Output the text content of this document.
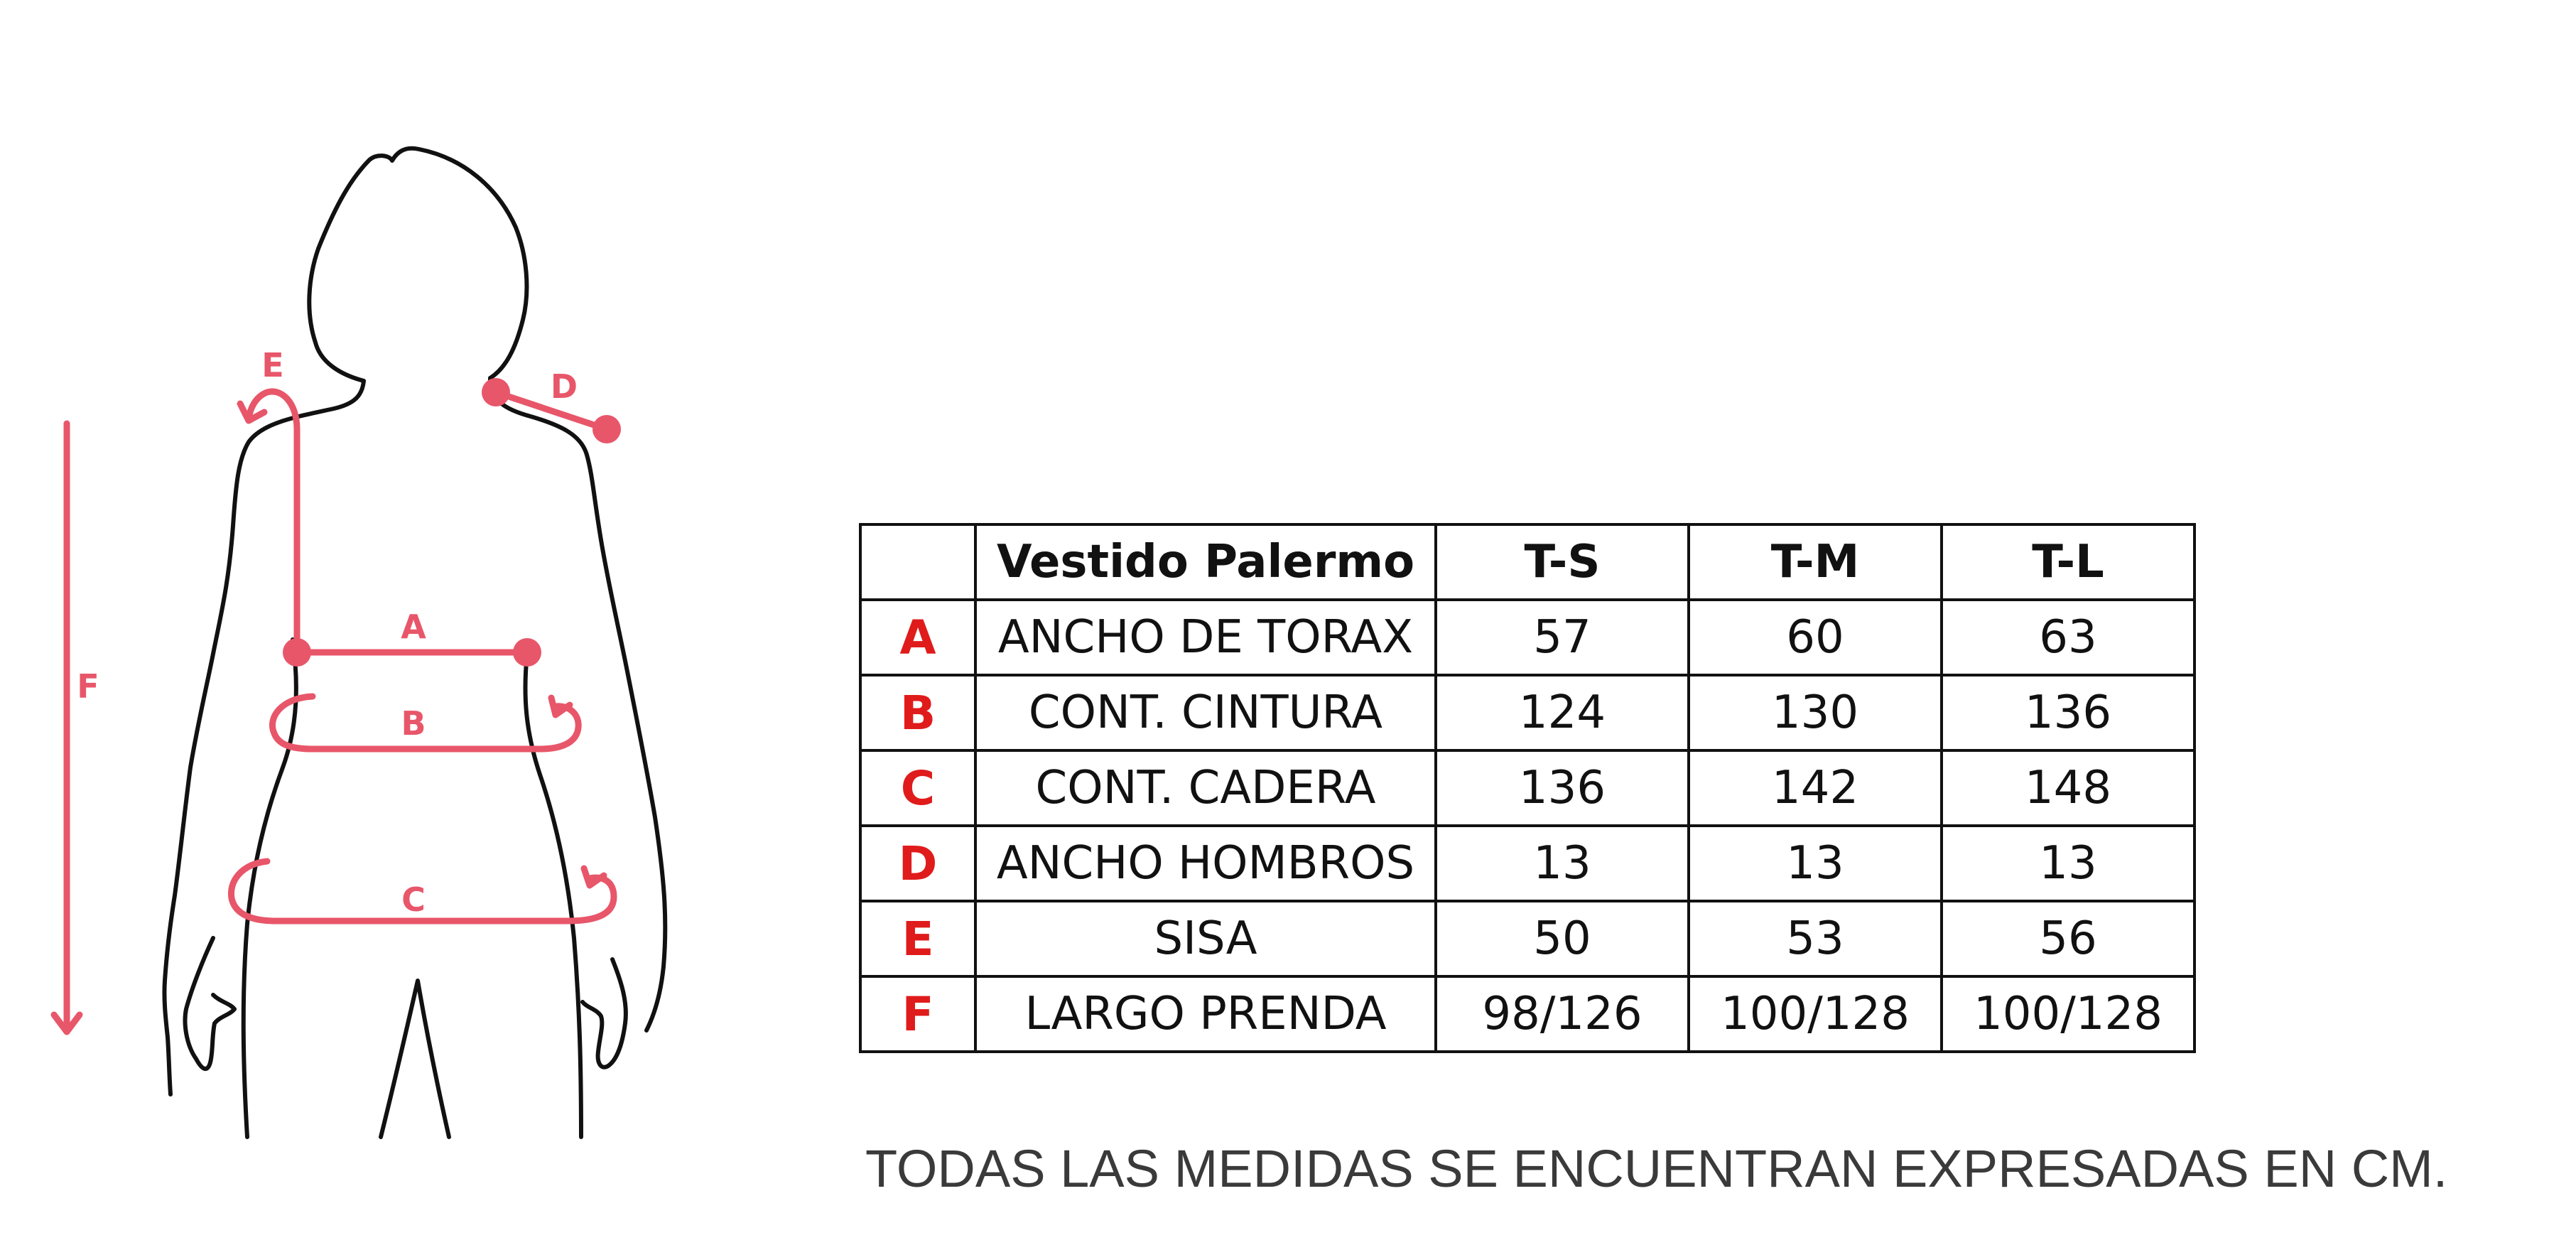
E
D
F
A
B
C
	Vestido Palermo	T-S	T-M	T-L
A	ANCHO DE TORAX	57	60	63
B	CONT. CINTURA	124	130	136
C	CONT. CADERA	136	142	148
D	ANCHO HOMBROS	13	13	13
E	SISA	50	53	56
F	LARGO PRENDA	98/126	100/128	100/128
TODAS LAS MEDIDAS SE ENCUENTRAN EXPRESADAS EN CM.
